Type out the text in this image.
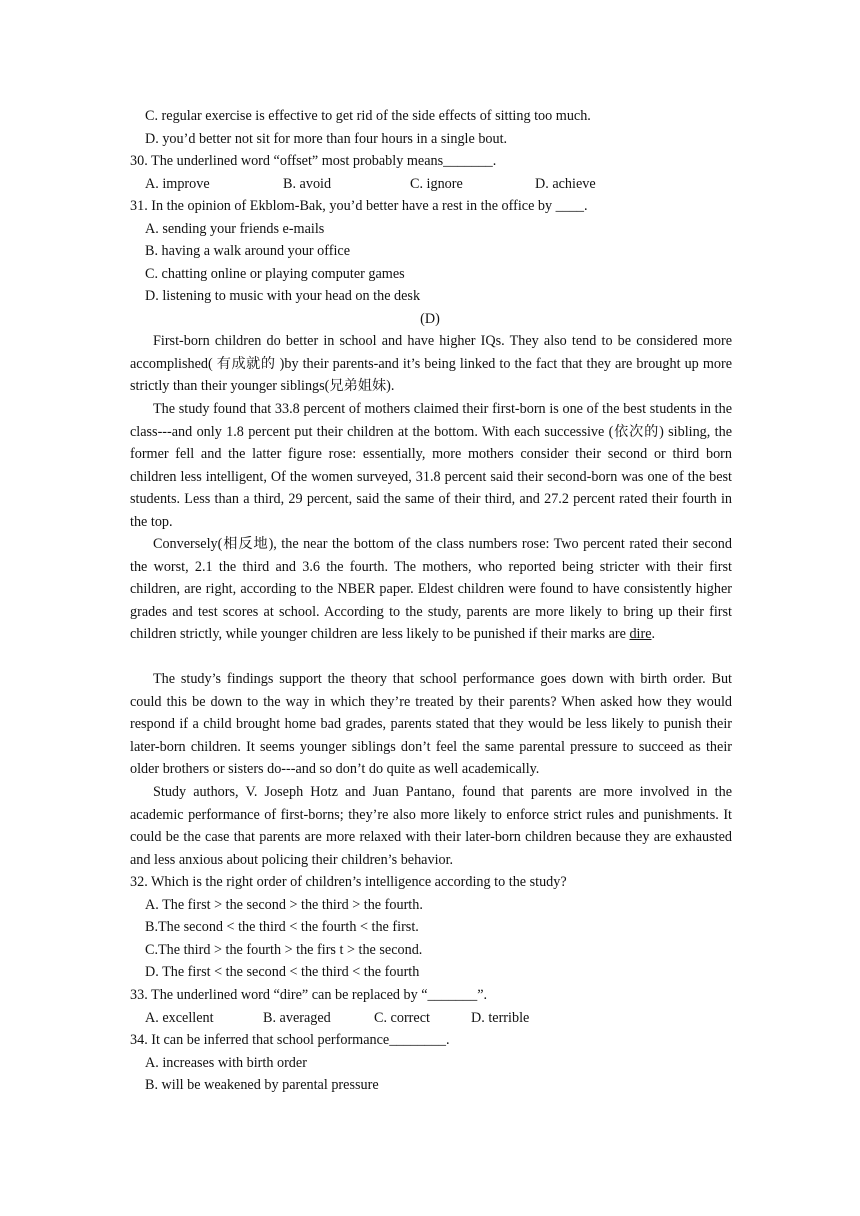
C. regular exercise is effective to get rid of the side effects of sitting too much.
D. you’d better not sit for more than four hours in a single bout.
30. The underlined word “offset” most probably means_______.
A. improve	B. avoid	C. ignore	D. achieve
31. In the opinion of Ekblom-Bak, you’d better have a rest in the office by ____.
A. sending your friends e-mails
B. having a walk around your office
C. chatting online or playing computer games
D. listening to music with your head on the desk
(D)

First-born children do better in school and have higher IQs. They also tend to be considered more accomplished( 有成就的 )by their parents-and it’s being linked to the fact that they are brought up more strictly than their younger siblings(兄弟姐妹).

The study found that 33.8 percent of mothers claimed their first-born is one of the best students in the class---and only 1.8 percent put their children at the bottom. With each successive (依次的) sibling, the former fell and the latter figure rose: essentially, more mothers consider their second or third born children less intelligent, Of the women surveyed, 31.8 percent said their second-born was one of the best students. Less than a third, 29 percent, said the same of their third, and 27.2 percent rated their fourth in the top.

Conversely(相反地), the near the bottom of the class numbers rose: Two percent rated their second the worst, 2.1 the third and 3.6 the fourth. The mothers, who reported being stricter with their first children, are right, according to the NBER paper. Eldest children were found to have consistently higher grades and test scores at school. According to the study, parents are more likely to bring up their first children strictly, while younger children are less likely to be punished if their marks are dire.

The study’s findings support the theory that school performance goes down with birth order. But could this be down to the way in which they’re treated by their parents? When asked how they would respond if a child brought home bad grades, parents stated that they would be less likely to punish their later-born children. It seems younger siblings don’t feel the same parental pressure to succeed as their older brothers or sisters do---and so don’t do quite as well academically.

Study authors, V. Joseph Hotz and Juan Pantano, found that parents are more involved in the academic performance of first-borns; they’re also more likely to enforce strict rules and punishments. It could be the case that parents are more relaxed with their later-born children because they are exhausted and less anxious about policing their children’s behavior.

32. Which is the right order of children’s intelligence according to the study?
A. The first > the second > the third > the fourth.
B.The second < the third < the fourth < the first.
C.The third > the fourth > the firs t > the second.
D. The first < the second < the third < the fourth
33. The underlined word “dire” can be replaced by “_______”.
A. excellent	B. averaged	C. correct	D. terrible
34. It can be inferred that school performance________.
A. increases with birth order
B. will be weakened by parental pressure
